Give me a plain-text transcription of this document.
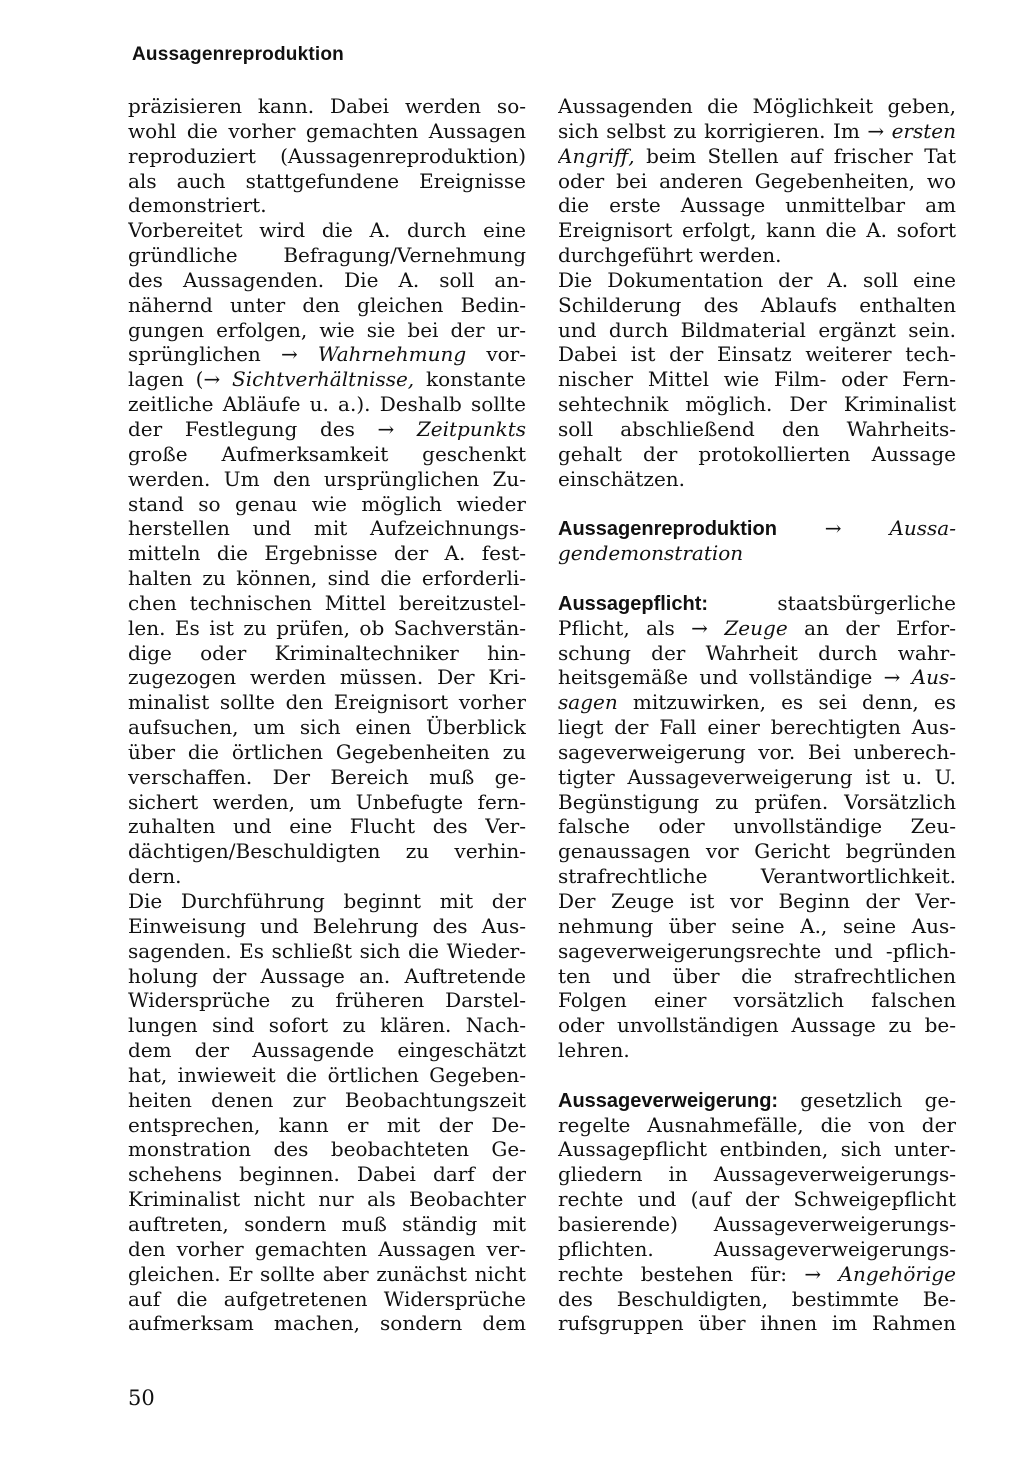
Aussagenreproduktion
präzisieren kann. Dabei werden so-
wohl die vorher gemachten Aussagen
reproduziert (Aussagenreproduktion)
als auch stattgefundene Ereignisse
demonstriert.
Vorbereitet wird die A. durch eine
gründliche Befragung/Vernehmung
des Aussagenden. Die A. soll an-
nähernd unter den gleichen Bedin-
gungen erfolgen, wie sie bei der ur-
sprünglichen → Wahrnehmung vor-
lagen (→ Sichtverhältnisse, konstante
zeitliche Abläufe u. a.). Deshalb sollte
der Festlegung des → Zeitpunkts
große Aufmerksamkeit geschenkt
werden. Um den ursprünglichen Zu-
stand so genau wie möglich wieder
herstellen und mit Aufzeichnungs-
mitteln die Ergebnisse der A. fest-
halten zu können, sind die erforderli-
chen technischen Mittel bereitzustel-
len. Es ist zu prüfen, ob Sachverstän-
dige oder Kriminaltechniker hin-
zugezogen werden müssen. Der Kri-
minalist sollte den Ereignisort vorher
aufsuchen, um sich einen Überblick
über die örtlichen Gegebenheiten zu
verschaffen. Der Bereich muß ge-
sichert werden, um Unbefugte fern-
zuhalten und eine Flucht des Ver-
dächtigen/Beschuldigten zu verhin-
dern.
Die Durchführung beginnt mit der
Einweisung und Belehrung des Aus-
sagenden. Es schließt sich die Wieder-
holung der Aussage an. Auftretende
Widersprüche zu früheren Darstel-
lungen sind sofort zu klären. Nach-
dem der Aussagende eingeschätzt
hat, inwieweit die örtlichen Gegeben-
heiten denen zur Beobachtungszeit
entsprechen, kann er mit der De-
monstration des beobachteten Ge-
schehens beginnen. Dabei darf der
Kriminalist nicht nur als Beobachter
auftreten, sondern muß ständig mit
den vorher gemachten Aussagen ver-
gleichen. Er sollte aber zunächst nicht
auf die aufgetretenen Widersprüche
aufmerksam machen, sondern dem
Aussagenden die Möglichkeit geben,
sich selbst zu korrigieren. Im → ersten
Angriff, beim Stellen auf frischer Tat
oder bei anderen Gegebenheiten, wo
die erste Aussage unmittelbar am
Ereignisort erfolgt, kann die A. sofort
durchgeführt werden.
Die Dokumentation der A. soll eine
Schilderung des Ablaufs enthalten
und durch Bildmaterial ergänzt sein.
Dabei ist der Einsatz weiterer tech-
nischer Mittel wie Film- oder Fern-
sehtechnik möglich. Der Kriminalist
soll abschließend den Wahrheits-
gehalt der protokollierten Aussage
einschätzen.
Aussagenreproduktion → Aussa-
gendemonstration
Aussagepflicht: staatsbürgerliche
Pflicht, als → Zeuge an der Erfor-
schung der Wahrheit durch wahr-
heitsgemäße und vollständige → Aus-
sagen mitzuwirken, es sei denn, es
liegt der Fall einer berechtigten Aus-
sageverweigerung vor. Bei unberech-
tigter Aussageverweigerung ist u. U.
Begünstigung zu prüfen. Vorsätzlich
falsche oder unvollständige Zeu-
genaussagen vor Gericht begründen
strafrechtliche Verantwortlichkeit.
Der Zeuge ist vor Beginn der Ver-
nehmung über seine A., seine Aus-
sageverweigerungsrechte und -pflich-
ten und über die strafrechtlichen
Folgen einer vorsätzlich falschen
oder unvollständigen Aussage zu be-
lehren.
Aussageverweigerung: gesetzlich ge-
regelte Ausnahmefälle, die von der
Aussagepflicht entbinden, sich unter-
gliedern in Aussageverweigerungs-
rechte und (auf der Schweigepflicht
basierende) Aussageverweigerungs-
pflichten. Aussageverweigerungs-
rechte bestehen für: → Angehörige
des Beschuldigten, bestimmte Be-
rufsgruppen über ihnen im Rahmen
50
